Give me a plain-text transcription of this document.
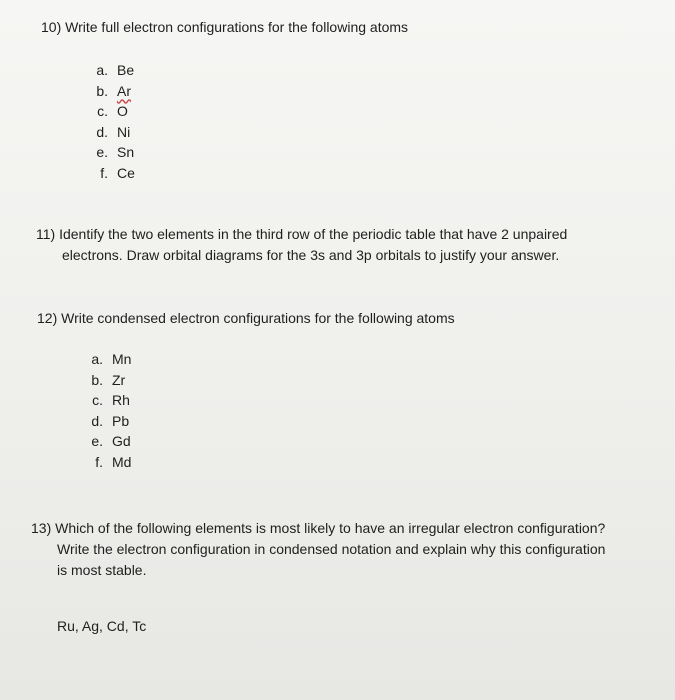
10) Write full electron configurations for the following atoms

a. Be
b. Ar
c. O
d. Ni
e. Sn
f. Ce
11) Identify the two elements in the third row of the periodic table that have 2 unpaired
electrons. Draw orbital diagrams for the 3s and 3p orbitals to justify your answer.

12) Write condensed electron configurations for the following atoms

a. Mn
b. Zr
c. Rh
d. Pb
e. Gd
f. Md
13) Which of the following elements is most likely to have an irregular electron configuration?
Write the electron configuration in condensed notation and explain why this configuration
is most stable.
Ru, Ag, Cd, Tc
